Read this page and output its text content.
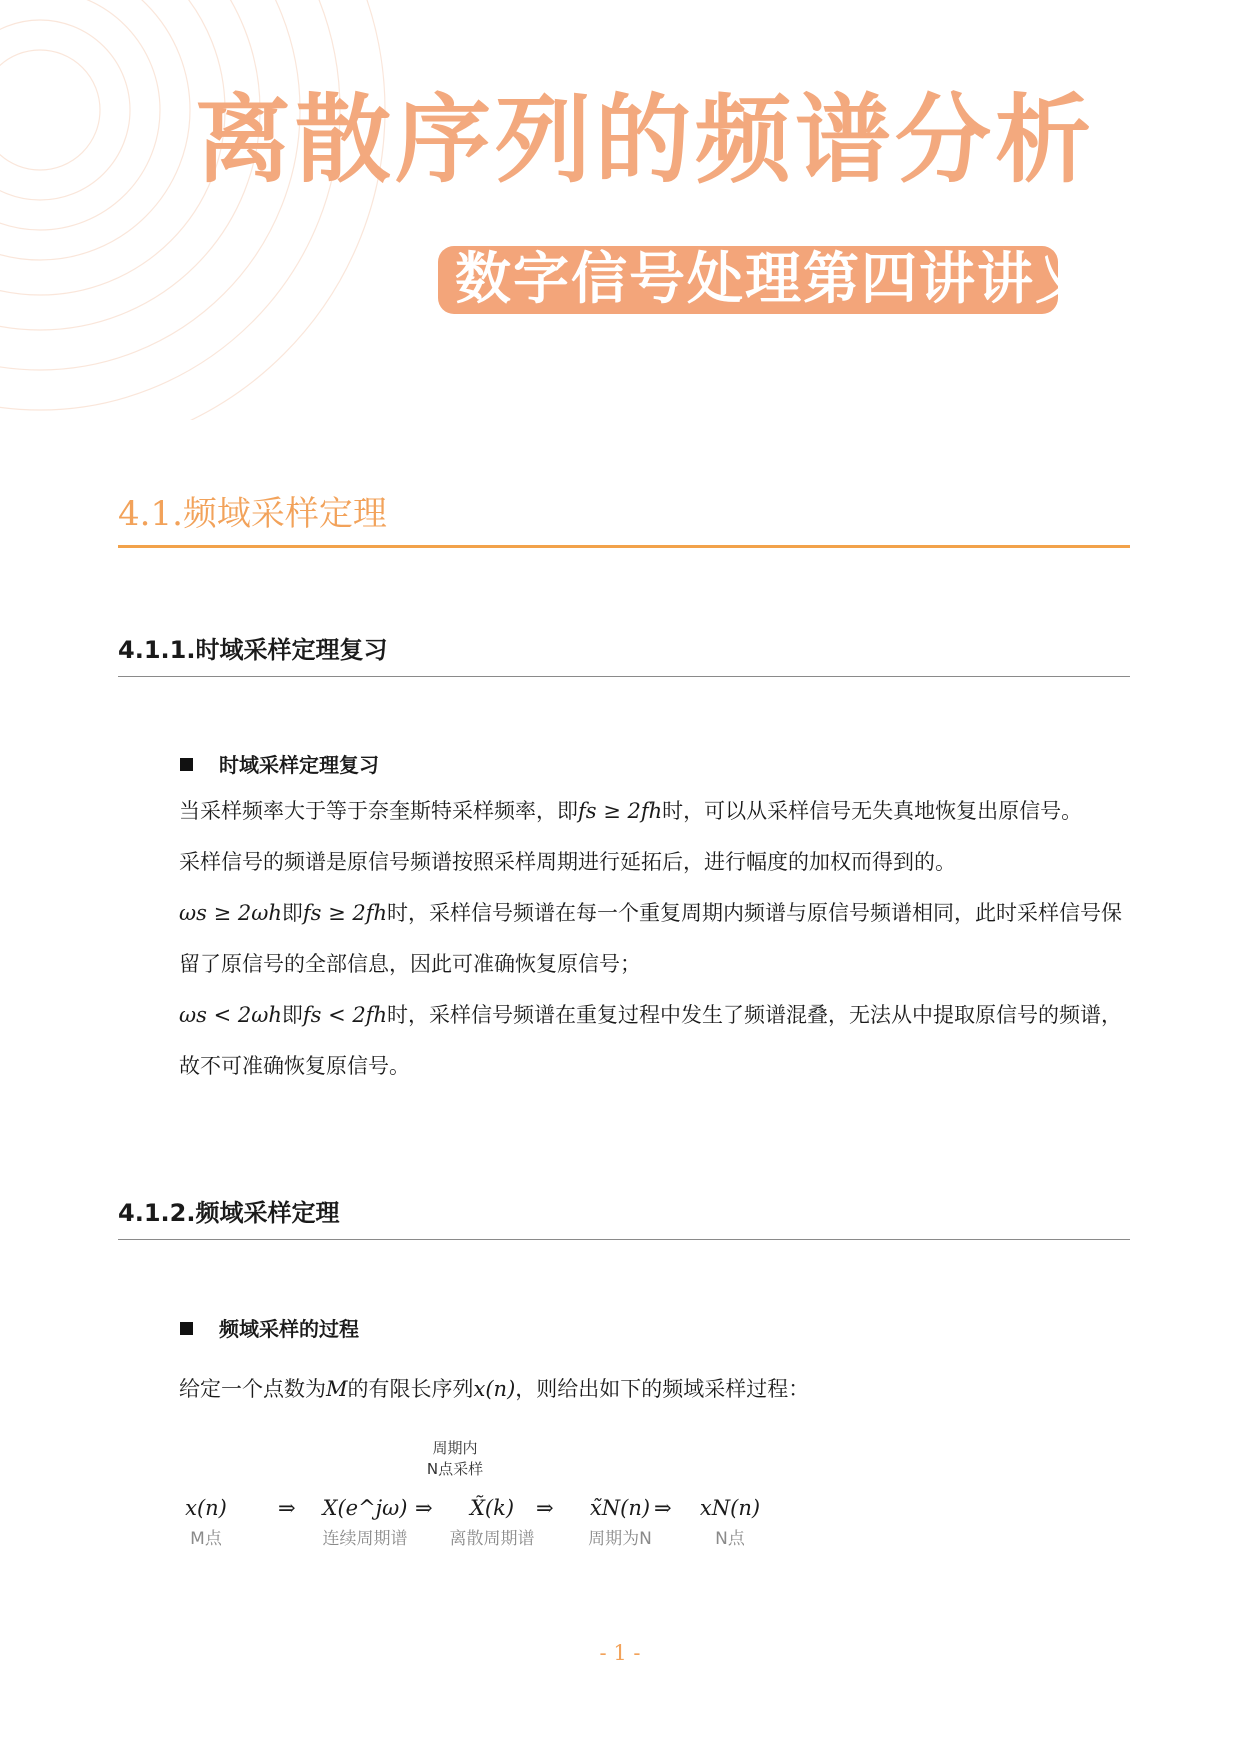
离散序列的频谱分析
数字信号处理第四讲讲义
4.1.频域采样定理
4.1.1.时域采样定理复习
时域采样定理复习

当采样频率大于等于奈奎斯特采样频率，即fs ≥ 2fh时，可以从采样信号无失真地恢复出原信号。

采样信号的频谱是原信号频谱按照采样周期进行延拓后，进行幅度的加权而得到的。

ωs ≥ 2ωh即fs ≥ 2fh时，采样信号频谱在每一个重复周期内频谱与原信号频谱相同，此时采样信号保留了原信号的全部信息，因此可准确恢复原信号；

ωs < 2ωh即fs < 2fh时，采样信号频谱在重复过程中发生了频谱混叠，无法从中提取原信号的频谱，故不可准确恢复原信号。

4.1.2.频域采样定理
频域采样的过程

给定一个点数为M的有限长序列x(n)，则给出如下的频域采样过程：

周期内
N点采样
x(n)
M点
⇒	X(e^jω)
连续周期谱
⇒	X̃(k)
离散周期谱
⇒	x̃N(n)
周期为N
⇒	xN(n)
N点
- 1 -
